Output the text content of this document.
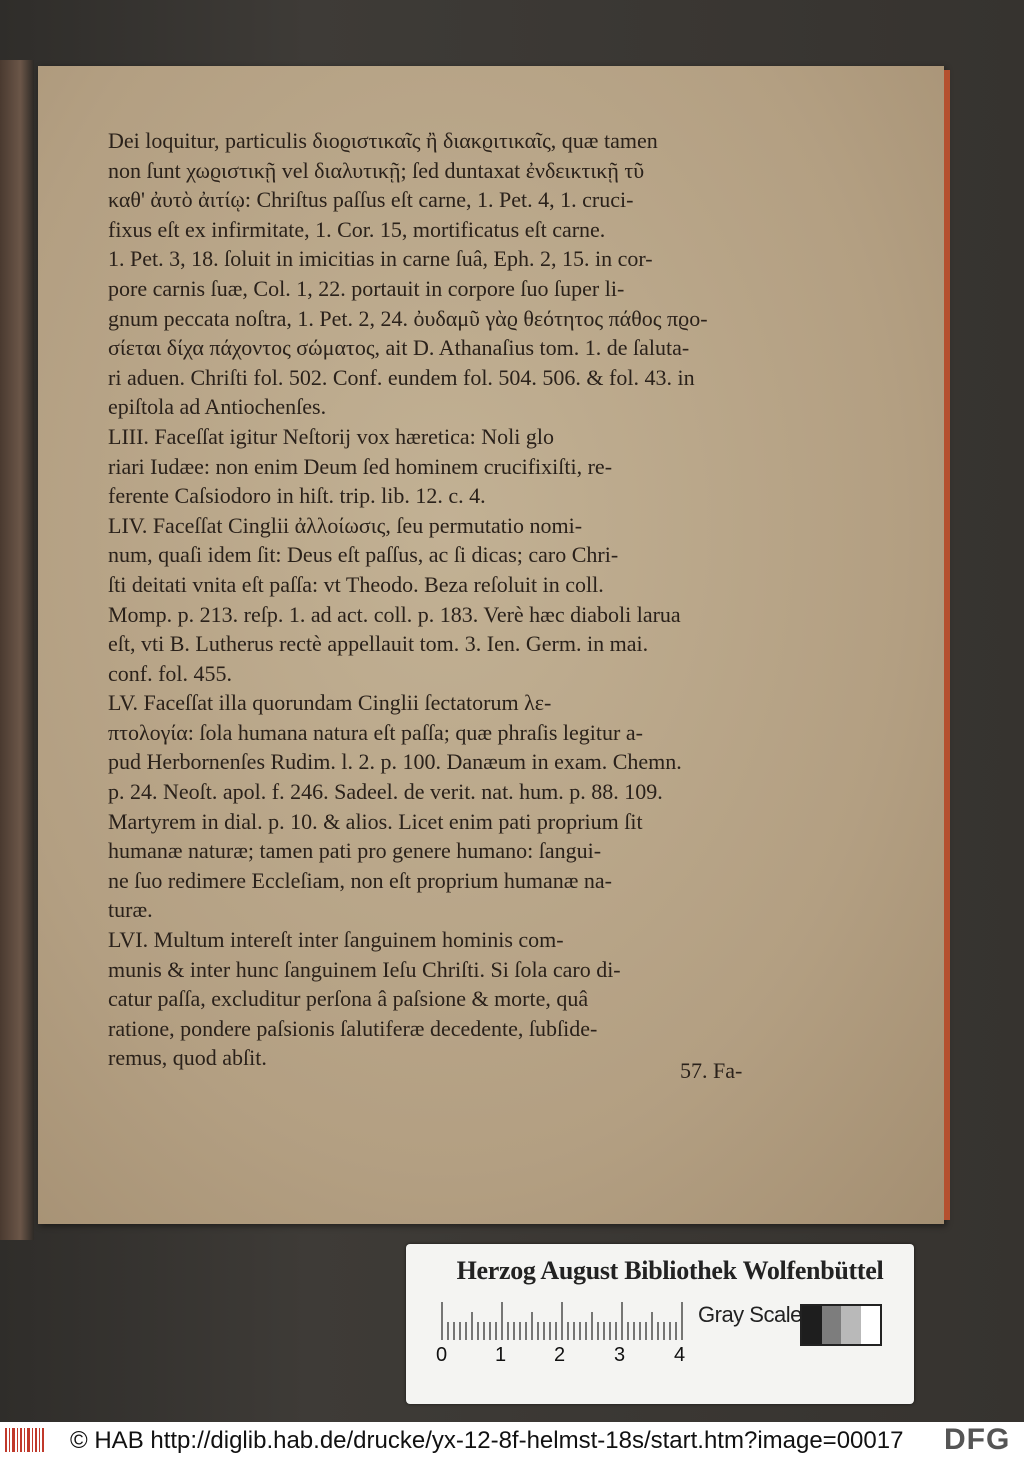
Dei loquitur, particulis διοϱιστικαῖς ἢ διακϱιτικαῖς, quæ tamen
non ſunt χωϱιστικῇ vel διαλυτικῇ; ſed duntaxat ἐνδεικτικῇ τῦ
καθ' ἀυτὸ ἀιτίῳ: Chriſtus paſſus eſt carne, 1. Pet. 4, 1. cruci-
fixus eſt ex infirmitate, 1. Cor. 15, mortificatus eſt carne.
1. Pet. 3, 18. ſoluit in imicitias in carne ſuâ, Eph. 2, 15. in cor-
pore carnis ſuæ, Col. 1, 22. portauit in corpore ſuo ſuper li-
gnum peccata noſtra, 1. Pet. 2, 24. ὀυδαμῦ γὰϱ θεότητος πάθος πϱο-
σίεται δίχα πάχοντος σώματος, ait D. Athanaſius tom. 1. de ſaluta-
ri aduen. Chriſti fol. 502. Conf. eundem fol. 504. 506. & fol. 43. in
epiſtola ad Antiochenſes.
LIII. Faceſſat igitur Neſtorij vox hæretica: Noli glo
riari Iudæe: non enim Deum ſed hominem crucifixiſti, re-
ferente Caſsiodoro in hiſt. trip. lib. 12. c. 4.
LIV. Faceſſat Cinglii ἀλλοίωσις, ſeu permutatio nomi-
num, quaſi idem ſit: Deus eſt paſſus, ac ſi dicas; caro Chri-
ſti deitati vnita eſt paſſa: vt Theodo. Beza reſoluit in coll.
Momp. p. 213. reſp. 1. ad act. coll. p. 183. Verè hæc diaboli larua
eſt, vti B. Lutherus rectè appellauit tom. 3. Ien. Germ. in mai.
conf. fol. 455.
LV. Faceſſat illa quorundam Cinglii ſectatorum λε-
πτολογία: ſola humana natura eſt paſſa; quæ phraſis legitur a-
pud Herbornenſes Rudim. l. 2. p. 100. Danæum in exam. Chemn.
p. 24. Neoſt. apol. f. 246. Sadeel. de verit. nat. hum. p. 88. 109.
Martyrem in dial. p. 10. & alios. Licet enim pati proprium ſit
humanæ naturæ; tamen pati pro genere humano: ſangui-
ne ſuo redimere Eccleſiam, non eſt proprium humanæ na-
turæ.
LVI. Multum intereſt inter ſanguinem hominis com-
munis & inter hunc ſanguinem Ieſu Chriſti. Si ſola caro di-
catur paſſa, excluditur perſona â paſsione & morte, quâ
ratione, pondere paſsionis ſalutiferæ decedente, ſubſide-
remus, quod abſit.
57. Fa-
Herzog August Bibliothek Wolfenbüttel
0 1 2 3 4
Gray Scale
© HAB http://diglib.hab.de/drucke/yx-12-8f-helmst-18s/start.htm?image=00017 DFG
